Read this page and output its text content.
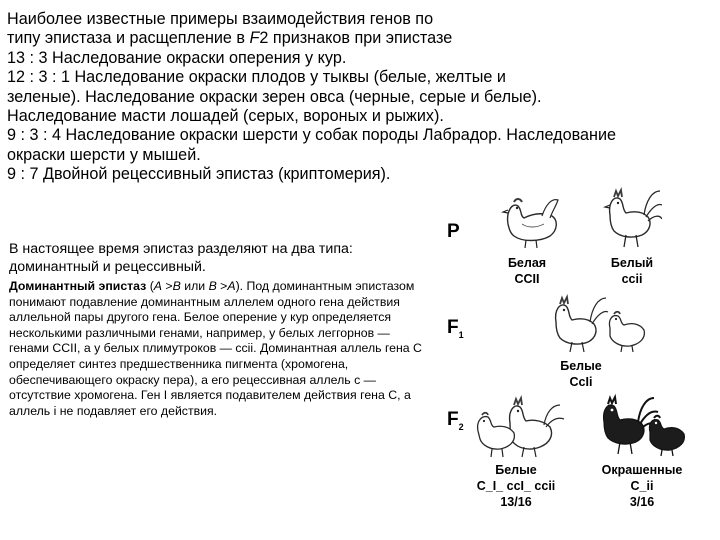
Наиболее известные примеры взаимодействия генов по

типу эпистаза и расщепление в F2 признаков при эпистазе

13 : 3 Наследование окраски оперения у кур.

12 : 3 : 1 Наследование окраски плодов у тыквы (белые, желтые и

зеленые). Наследование окраски зерен овса (черные, серые и белые).

Наследование масти лошадей (серых, вороных и рыжих).

9 : 3 : 4 Наследование окраски шерсти у собак породы Лабрадор. Наследование

окраски шерсти у мышей.

9 : 7 Двойной рецессивный эпистаз (криптомерия).

В настоящее время эпистаз разделяют на два типа: доминантный и рецессивный.

Доминантный эпистаз (А >В или В >А). Под доминантным эпистазом понимают подавление доминантным аллелем одного гена действия аллельной пары другого гена. Белое оперение у кур определяется несколькими различными генами, например, у белых леггорнов — генами CCII, а у белых плимутроков — ccii. Доминантная аллель гена С определяет синтез предшественника пигмента (хромогена, обеспечивающего окраску пера), а его рецессивная аллель с — отсутствие хромогена. Ген I является подавителем действия гена С, а аллель i не подавляет его действия.

P
$F_1$
$F_2$
Белая
CCII
Белый
ccii
Белые
CcIi
Белые
C_I_ ccI_ ccii
13/16
Окрашенные
C_ii
3/16
